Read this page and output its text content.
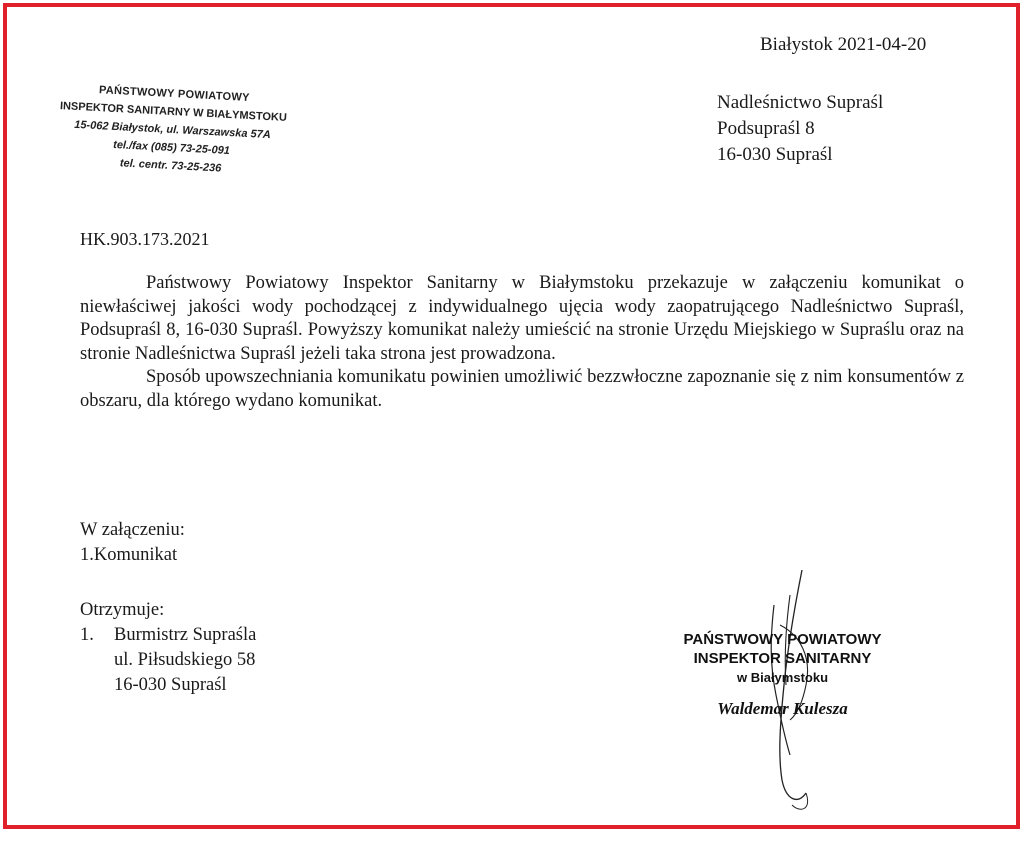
Białystok 2021-04-20
PAŃSTWOWY POWIATOWY
INSPEKTOR SANITARNY W BIAŁYMSTOKU
15-062 Białystok, ul. Warszawska 57A
tel./fax (085) 73-25-091
tel. centr. 73-25-236
Nadleśnictwo Supraśl
Podsupraśl 8
16-030 Supraśl
HK.903.173.2021

Państwowy Powiatowy Inspektor Sanitarny w Białymstoku przekazuje w załączeniu komunikat o niewłaściwej jakości wody pochodzącej z indywidualnego ujęcia wody zaopatrującego Nadleśnictwo Supraśl, Podsupraśl 8, 16-030 Supraśl. Powyższy komunikat należy umieścić na stronie Urzędu Miejskiego w Supraślu oraz na stronie Nadleśnictwa Supraśl jeżeli taka strona jest prowadzona.

Sposób upowszechniania komunikatu powinien umożliwić bezzwłoczne zapoznanie się z nim konsumentów z obszaru, dla którego wydano komunikat.

W załączeniu:
1.Komunikat
Otrzymuje:
1.	Burmistrz Supraśla
ul. Piłsudskiego 58
16-030 Supraśl
PAŃSTWOWY POWIATOWY
INSPEKTOR SANITARNY
w Białymstoku
Waldemar Kulesza
